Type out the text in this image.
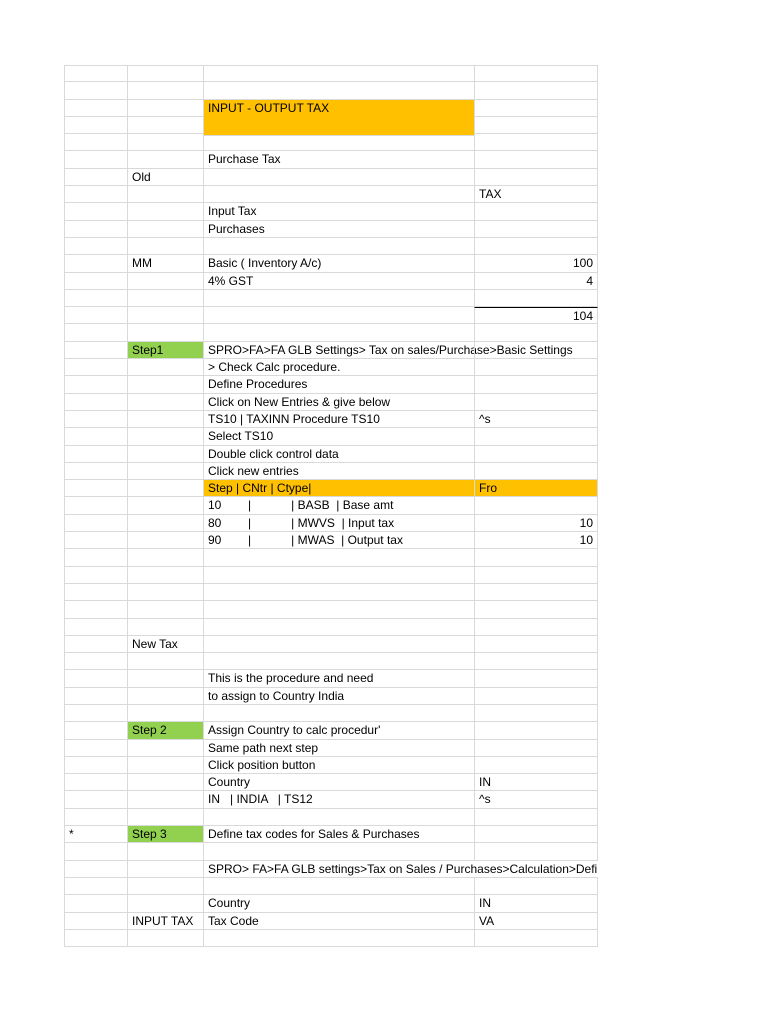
INPUT - OUTPUT TAX
Purchase Tax
Old
TAX
Input Tax
Purchases
MM	Basic ( Inventory A/c)	100
4% GST	4
104
Step1	SPRO>FA>FA GLB Settings> Tax on sales/Purchase>Basic Settings
> Check Calc procedure.
Define Procedures
Click on New Entries & give below
TS10 | TAXINN Procedure TS10	^s
Select TS10
Double click control data
Click new entries
Step | CNtr | Ctype|	Fro
10        |            | BASB  | Base amt
80        |            | MWVS  | Input tax	10
90        |            | MWAS  | Output tax	10
New Tax
This is the procedure and need
to assign to Country India
Step 2	Assign Country to calc procedur'
Same path next step
Click position button
Country	IN
IN   | INDIA   | TS12	^s
*	Step 3	Define tax codes for Sales & Purchases
SPRO> FA>FA GLB settings>Tax on Sales / Purchases>Calculation>Defi
Country	IN
INPUT TAX	Tax Code	VA
